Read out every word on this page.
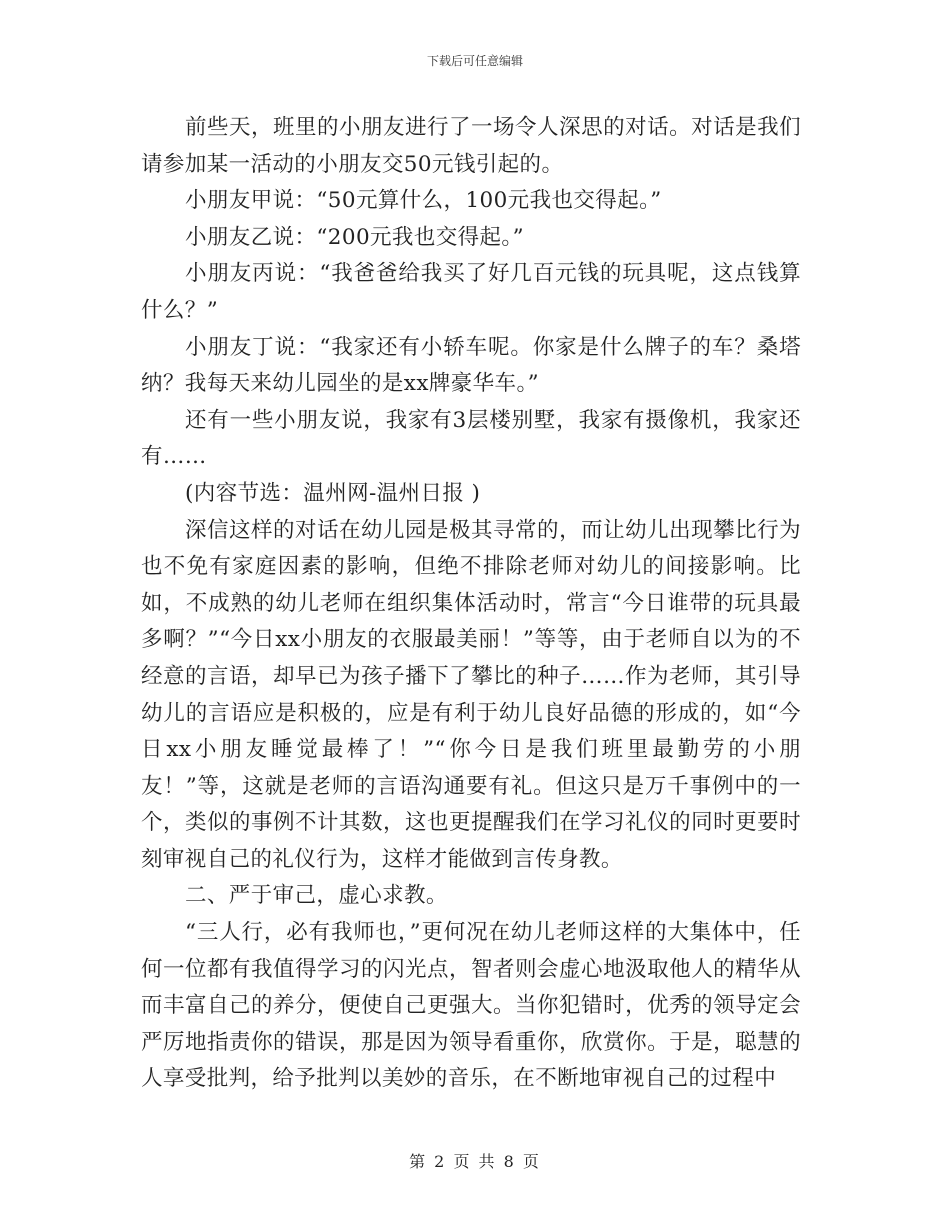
下载后可任意编辑

前些天，班里的小朋友进行了一场令人深思的对话。对话是我们请参加某一活动的小朋友交50元钱引起的。

小朋友甲说：“50元算什么，100元我也交得起。”

小朋友乙说：“200元我也交得起。”

小朋友丙说：“我爸爸给我买了好几百元钱的玩具呢，这点钱算什么？”

小朋友丁说：“我家还有小轿车呢。你家是什么牌子的车？桑塔纳？我每天来幼儿园坐的是xx牌豪华车。”

还有一些小朋友说，我家有3层楼别墅，我家有摄像机，我家还有……

(内容节选：温州网-温州日报 )

深信这样的对话在幼儿园是极其寻常的，而让幼儿出现攀比行为也不免有家庭因素的影响，但绝不排除老师对幼儿的间接影响。比如，不成熟的幼儿老师在组织集体活动时，常言“今日谁带的玩具最多啊？”“今日xx小朋友的衣服最美丽！”等等，由于老师自以为的不经意的言语，却早已为孩子播下了攀比的种子……作为老师，其引导幼儿的言语应是积极的，应是有利于幼儿良好品德的形成的，如“今日xx小朋友睡觉最棒了！”“你今日是我们班里最勤劳的小朋友！”等，这就是老师的言语沟通要有礼。但这只是万千事例中的一个，类似的事例不计其数，这也更提醒我们在学习礼仪的同时更要时刻审视自己的礼仪行为，这样才能做到言传身教。

二、严于审己，虚心求教。

“三人行，必有我师也，”更何况在幼儿老师这样的大集体中，任何一位都有我值得学习的闪光点，智者则会虚心地汲取他人的精华从而丰富自己的养分，便使自己更强大。当你犯错时，优秀的领导定会严厉地指责你的错误，那是因为领导看重你，欣赏你。于是，聪慧的人享受批判，给予批判以美妙的音乐，在不断地审视自己的过程中

第 2 页 共 8 页
